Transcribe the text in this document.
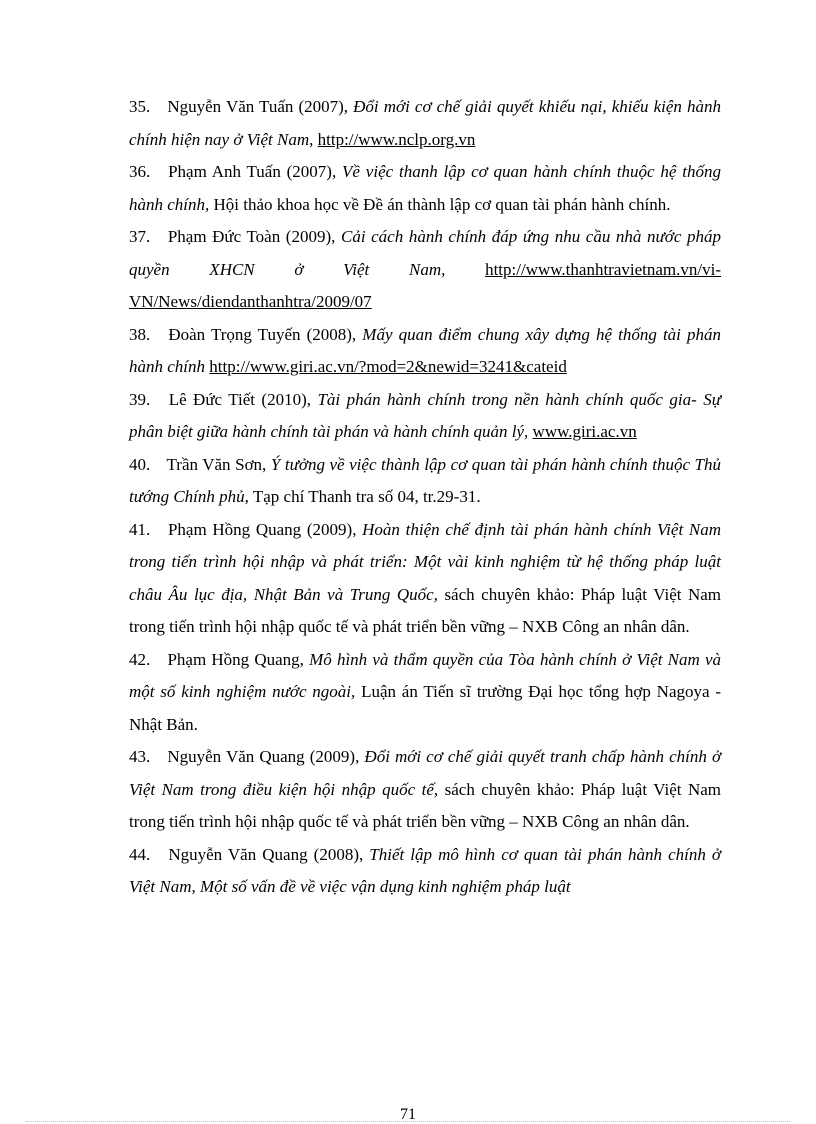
35. Nguyễn Văn Tuấn (2007), Đổi mới cơ chế giải quyết khiếu nại, khiếu kiện hành chính hiện nay ở Việt Nam, http://www.nclp.org.vn

36. Phạm Anh Tuấn (2007), Về việc thanh lập cơ quan hành chính thuộc hệ thống hành chính, Hội thảo khoa học về Đề án thành lập cơ quan tài phán hành chính.

37. Phạm Đức Toàn (2009), Cải cách hành chính đáp ứng nhu cầu nhà nước pháp quyền XHCN ở Việt Nam, http://www.thanhtravietnam.vn/vi-VN/News/diendanthanhtra/2009/07

38. Đoàn Trọng Tuyến (2008), Mấy quan điểm chung xây dựng hệ thống tài phán hành chính http://www.giri.ac.vn/?mod=2&newid=3241&cateid

39. Lê Đức Tiết (2010), Tài phán hành chính trong nền hành chính quốc gia- Sự phân biệt giữa hành chính tài phán và hành chính quản lý, www.giri.ac.vn

40. Trần Văn Sơn, Ý tưởng về việc thành lập cơ quan tài phán hành chính thuộc Thủ tướng Chính phủ, Tạp chí Thanh tra số 04, tr.29-31.

41. Phạm Hồng Quang (2009), Hoàn thiện chế định tài phán hành chính Việt Nam trong tiến trình hội nhập và phát triển: Một vài kinh nghiệm từ hệ thống pháp luật châu Âu lục địa, Nhật Bản và Trung Quốc, sách chuyên khảo: Pháp luật Việt Nam trong tiến trình hội nhập quốc tế và phát triển bền vững – NXB Công an nhân dân.

42. Phạm Hồng Quang, Mô hình và thẩm quyền của Tòa hành chính ở Việt Nam và một số kinh nghiệm nước ngoài, Luận án Tiến sĩ trường Đại học tổng hợp Nagoya - Nhật Bản.

43. Nguyễn Văn Quang (2009), Đổi mới cơ chế giải quyết tranh chấp hành chính ở Việt Nam trong điều kiện hội nhập quốc tế, sách chuyên khảo: Pháp luật Việt Nam trong tiến trình hội nhập quốc tế và phát triển bền vững – NXB Công an nhân dân.

44. Nguyễn Văn Quang (2008), Thiết lập mô hình cơ quan tài phán hành chính ở Việt Nam, Một số vấn đề về việc vận dụng kinh nghiệm pháp luật

71
